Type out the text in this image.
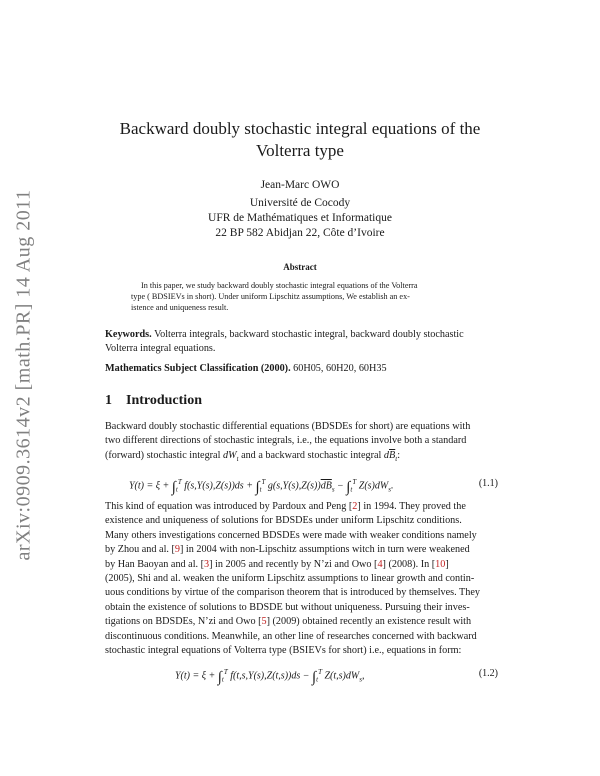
arXiv:0909.3614v2 [math.PR] 14 Aug 2011
Backward doubly stochastic integral equations of the
Volterra type
Jean-Marc OWO
Université de Cocody
UFR de Mathématiques et Informatique
22 BP 582 Abidjan 22, Côte d’Ivoire
Abstract
In this paper, we study backward doubly stochastic integral equations of the Volterra
type ( BDSIEVs in short). Under uniform Lipschitz assumptions, We establish an ex-
istence and uniqueness result.
Keywords. Volterra integrals, backward stochastic integral, backward doubly stochastic
Volterra integral equations.
Mathematics Subject Classification (2000). 60H05, 60H20, 60H35
1 Introduction
Backward doubly stochastic differential equations (BDSDEs for short) are equations with
two different directions of stochastic integrals, i.e., the equations involve both a standard
(forward) stochastic integral $dW_t$ and a backward stochastic integral $d\overline{B}_t$:
$Y(t) = \xi + \int_t^T$ $f(s,Y(s),Z(s))ds + \int_t^T$ $g(s,Y(s),Z(s))\overline{dB}_s - \int_t^T$ $Z(s)dW_s$.	(1.1)
This kind of equation was introduced by Pardoux and Peng [2] in 1994. They proved the
existence and uniqueness of solutions for BDSDEs under uniform Lipschitz conditions.
Many others investigations concerned BDSDEs were made with weaker conditions namely
by Zhou and al. [9] in 2004 with non-Lipschitz assumptions witch in turn were weakened
by Han Baoyan and al. [3] in 2005 and recently by N’zi and Owo [4] (2008). In [10]
(2005), Shi and al. weaken the uniform Lipschitz assumptions to linear growth and contin-
uous conditions by virtue of the comparison theorem that is introduced by themselves. They
obtain the existence of solutions to BDSDE but without uniqueness. Pursuing their inves-
tigations on BDSDEs, N’zi and Owo [5] (2009) obtained recently an existence result with
discontinuous conditions. Meanwhile, an other line of researches concerned with backward
stochastic integral equations of Volterra type (BSIEVs for short) i.e., equations in form:
$Y(t) = \xi + \int_t^T$ $f(t,s,Y(s),Z(t,s))ds - \int_t^T$ $Z(t,s)dW_s$,	(1.2)
